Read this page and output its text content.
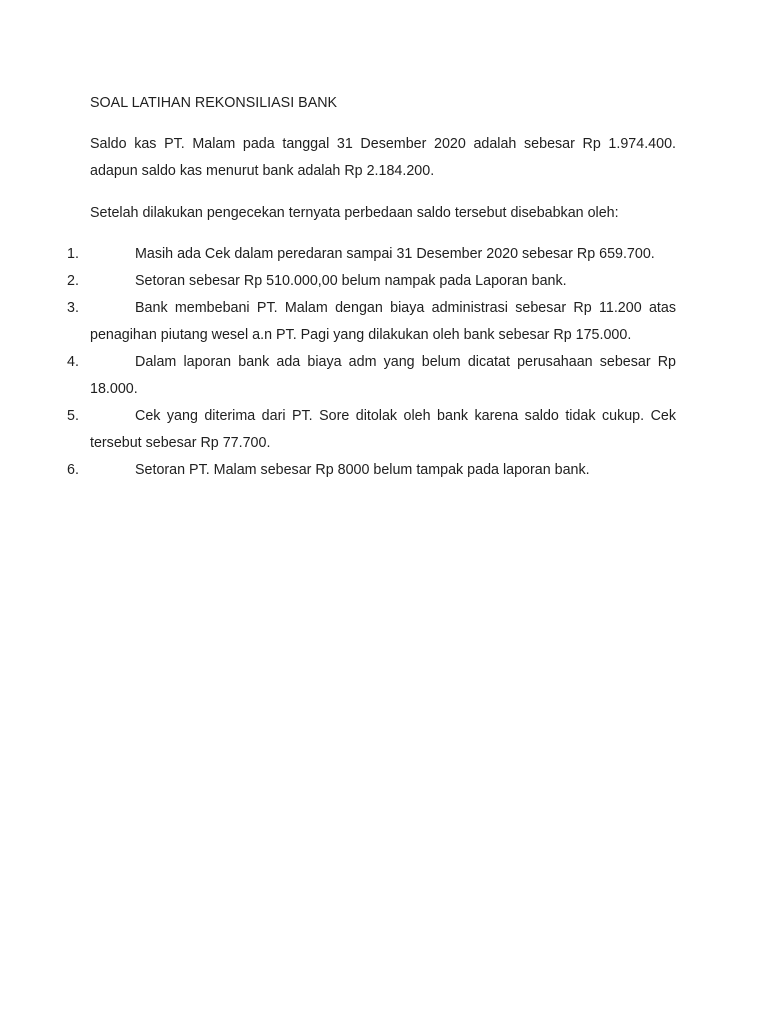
SOAL LATIHAN REKONSILIASI BANK
Saldo kas PT. Malam pada tanggal 31 Desember 2020 adalah sebesar Rp 1.974.400. adapun saldo kas menurut bank adalah Rp 2.184.200.
Setelah dilakukan pengecekan ternyata perbedaan saldo tersebut disebabkan oleh:
1.	Masih ada Cek dalam peredaran sampai 31 Desember 2020 sebesar Rp 659.700.
2.	Setoran sebesar Rp 510.000,00 belum nampak pada Laporan bank.
3.	Bank membebani PT. Malam dengan biaya administrasi sebesar Rp 11.200 atas penagihan piutang wesel a.n PT. Pagi yang dilakukan oleh bank sebesar Rp 175.000.
4.	Dalam laporan bank ada biaya adm yang belum dicatat perusahaan sebesar Rp 18.000.
5.	Cek yang diterima dari PT. Sore ditolak oleh bank karena saldo tidak cukup. Cek tersebut sebesar Rp 77.700.
6.	Setoran PT. Malam sebesar Rp 8000 belum tampak pada laporan bank.
